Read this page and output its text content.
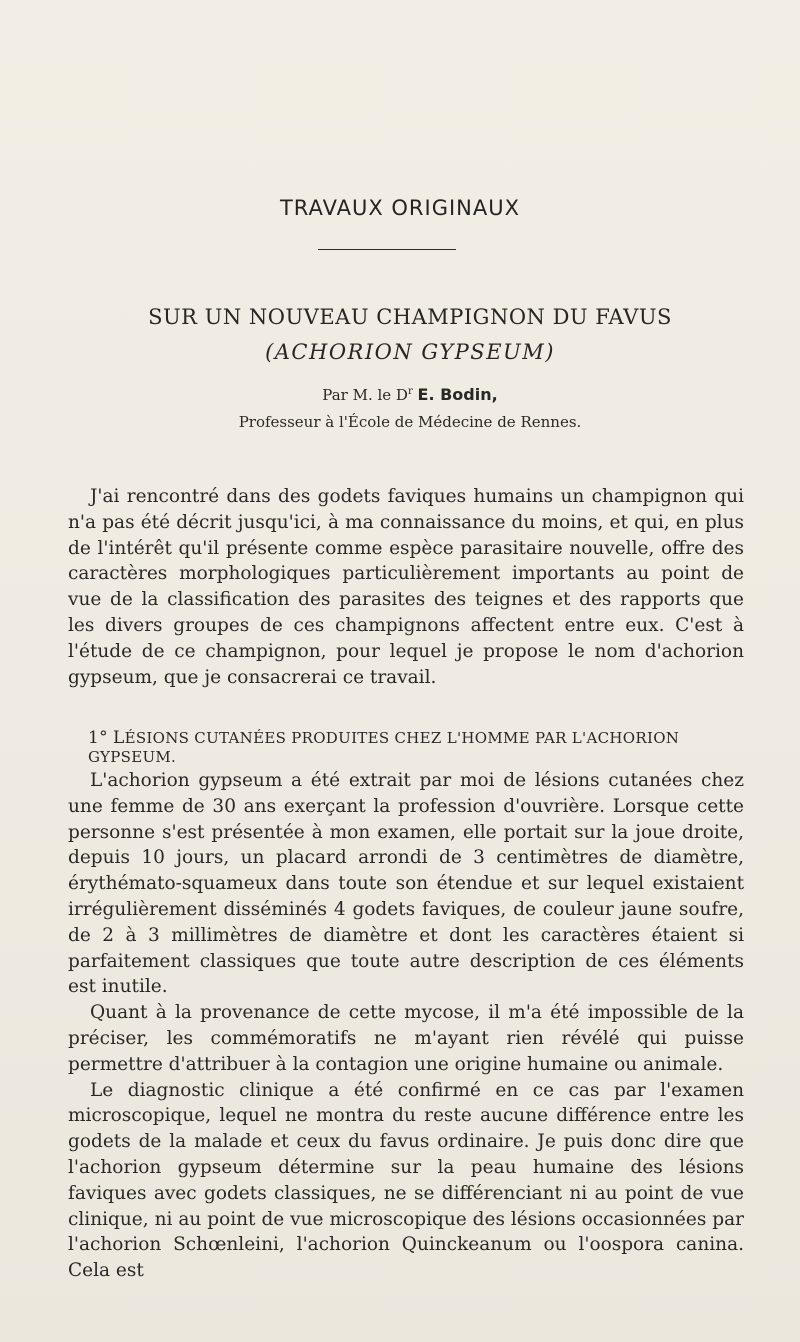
TRAVAUX ORIGINAUX
SUR UN NOUVEAU CHAMPIGNON DU FAVUS
(ACHORION GYPSEUM)
Par M. le $D^r$ E. Bodin,
Professeur à l'École de Médecine de Rennes.

J'ai rencontré dans des godets faviques humains un champignon qui n'a pas été décrit jusqu'ici, à ma connaissance du moins, et qui, en plus de l'intérêt qu'il présente comme espèce parasitaire nouvelle, offre des caractères morphologiques particulièrement importants au point de vue de la classification des parasites des teignes et des rapports que les divers groupes de ces champignons affectent entre eux. C'est à l'étude de ce champignon, pour lequel je propose le nom d'achorion gypseum, que je consacrerai ce travail.

1° LÉSIONS CUTANÉES PRODUITES CHEZ L'HOMME PAR L'ACHORION GYPSEUM.

L'achorion gypseum a été extrait par moi de lésions cutanées chez une femme de 30 ans exerçant la profession d'ouvrière. Lorsque cette personne s'est présentée à mon examen, elle portait sur la joue droite, depuis 10 jours, un placard arrondi de 3 centimètres de diamètre, érythémato-squameux dans toute son étendue et sur lequel existaient irrégulièrement disséminés 4 godets faviques, de couleur jaune soufre, de 2 à 3 millimètres de diamètre et dont les caractères étaient si parfaitement classiques que toute autre description de ces éléments est inutile.

Quant à la provenance de cette mycose, il m'a été impossible de la préciser, les commémoratifs ne m'ayant rien révélé qui puisse permettre d'attribuer à la contagion une origine humaine ou animale.

Le diagnostic clinique a été confirmé en ce cas par l'examen microscopique, lequel ne montra du reste aucune différence entre les godets de la malade et ceux du favus ordinaire. Je puis donc dire que l'achorion gypseum détermine sur la peau humaine des lésions faviques avec godets classiques, ne se différenciant ni au point de vue clinique, ni au point de vue microscopique des lésions occasionnées par l'achorion Schœnleini, l'achorion Quinckeanum ou l'oospora canina. Cela est
